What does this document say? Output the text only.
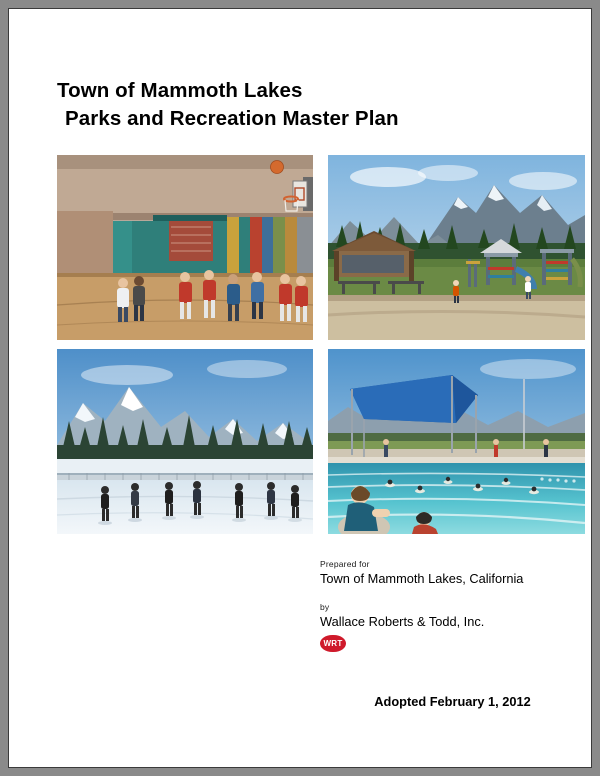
Town of Mammoth Lakes
Parks and Recreation Master Plan

Prepared for

Town of Mammoth Lakes, California

by

Wallace Roberts & Todd, Inc.

WRT
Adopted February 1, 2012
